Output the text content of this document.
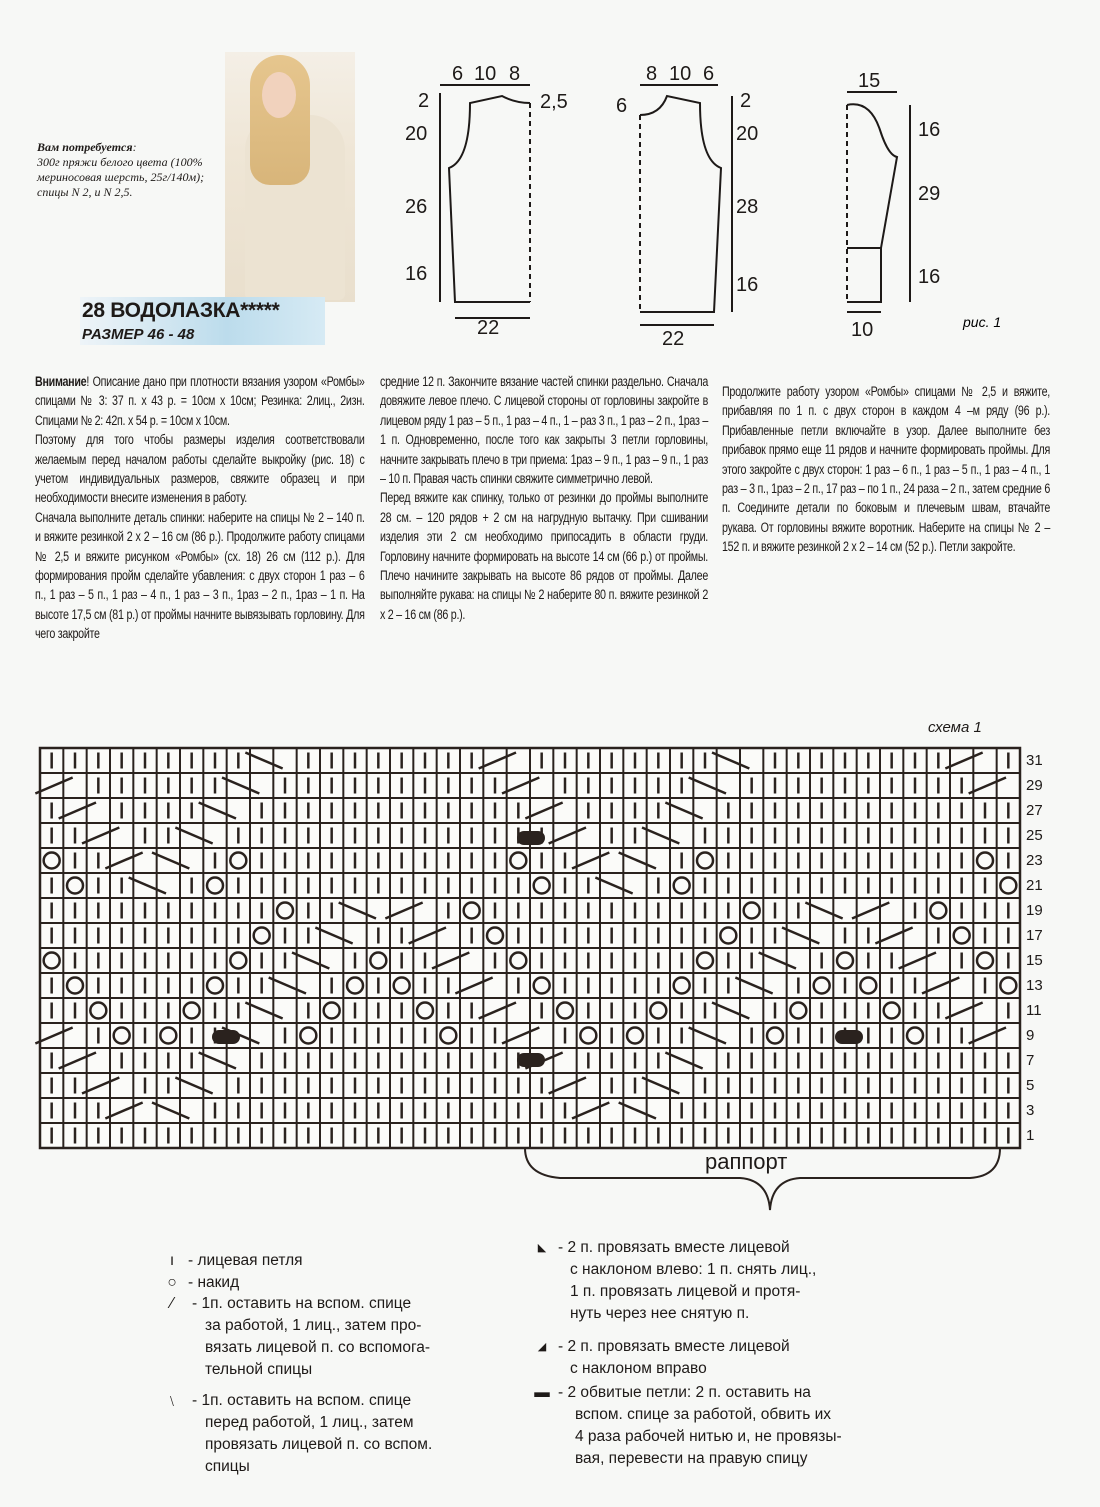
Вам потребуется:
300г пряжи белого цвета (100% мериносовая шерсть, 25г/140м); спицы N 2, и N 2,5.
28 ВОДОЛАЗКА*****
РАЗМЕР 46 - 48
6 10 8
2	2,5
20
26
16
22
8 10 6
6	2
20
28
16
22
15
16
29
16
10	рис. 1

Внимание! Описание дано при плотности вязания узором «Ромбы» спицами № 3: 37 п. х 43 р. = 10см х 10см; Резинка: 2лиц., 2изн. Спицами № 2: 42п. х 54 р. = 10см х 10см.

Поэтому для того чтобы размеры изделия соответствовали желаемым перед началом работы сделайте выкройку (рис. 18) с учетом индивидуальных размеров, свяжите образец и при необходимости внесите изменения в работу.

Сначала выполните деталь спинки: наберите на спицы № 2 – 140 п. и вяжите резинкой 2 х 2 – 16 см (86 р.). Продолжите работу спицами № 2,5 и вяжите рисунком «Ромбы» (сх. 18) 26 см (112 р.). Для формирования пройм сделайте убавления: с двух сторон 1 раз – 6 п., 1 раз – 5 п., 1 раз – 4 п., 1 раз – 3 п., 1раз – 2 п., 1раз – 1 п. На высоте 17,5 см (81 р.) от проймы начните вывязывать горловину. Для чего закройте

средние 12 п. Закончите вязание частей спинки раздельно. Сначала довяжите левое плечо. С лицевой стороны от горловины закройте в лицевом ряду 1 раз – 5 п., 1 раз – 4 п., 1 – раз 3 п., 1 раз – 2 п., 1раз – 1 п. Одновременно, после того как закрыты 3 петли горловины, начните закрывать плечо в три приема: 1раз – 9 п., 1 раз – 9 п., 1 раз – 10 п. Правая часть спинки свяжите симметрично левой.

Перед вяжите как спинку, только от резинки до проймы выполните 28 см. – 120 рядов + 2 см на нагрудную вытачку. При сшивании изделия эти 2 см необходимо припосадить в области груди. Горловину начните формировать на высоте 14 см (66 р.) от проймы. Плечо начините закрывать на высоте 86 рядов от проймы. Далее выполняйте рукава: на спицы № 2 наберите 80 п. вяжите резинкой 2 х 2 – 16 см (86 р.).

Продолжите работу узором «Ромбы» спицами № 2,5 и вяжите, прибавляя по 1 п. с двух сторон в каждом 4 –м ряду (96 р.). Прибавленные петли включайте в узор. Далее выполните без прибавок прямо еще 11 рядов и начните формировать проймы. Для этого закройте с двух сторон: 1 раз – 6 п., 1 раз – 5 п., 1 раз – 4 п., 1 раз – 3 п., 1раз – 2 п., 17 раз – по 1 п., 24 раза – 2 п., затем средние 6 п. Соедините детали по боковым и плечевым швам, втачайте рукава. От горловины вяжите воротник. Наберите на спицы № 2 – 152 п. и вяжите резинкой 2 х 2 – 14 см (52 р.). Петли закройте.

схема 1
31
29
27
25
23
21
19
17
15
13
11
9
7
5
3
1
раппорт
ı - лицевая петля
○ - накид
⁄	- 1п. оставить на вспом. спице
за работой, 1 лиц., затем про-
вязать лицевой п. со вспомога-
тельной спицы
﹨ - 1п. оставить на вспом. спице
перед работой, 1 лиц., затем
провязать лицевой п. со вспом.
спицы
◣ - 2 п. провязать вместе лицевой
с наклоном влево: 1 п. снять лиц.,
1 п. провязать лицевой и протя-
нуть через нее снятую п.
◢ - 2 п. провязать вместе лицевой
с наклоном вправо
▬ - 2 обвитые петли: 2 п. оставить на
вспом. спице за работой, обвить их
4 раза рабочей нитью и, не провязы-
вая, перевести на правую спицу
